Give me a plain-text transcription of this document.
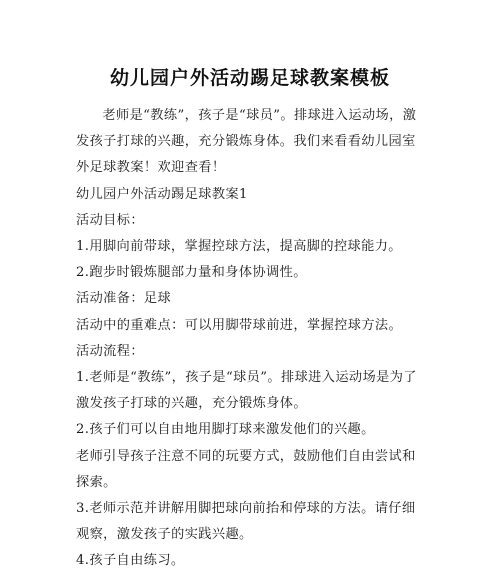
幼儿园户外活动踢足球教案模板

老师是“教练”，孩子是“球员”。排球进入运动场，激发孩子打球的兴趣，充分锻炼身体。我们来看看幼儿园室外足球教案！欢迎查看！

幼儿园户外活动踢足球教案1

活动目标：

1.用脚向前带球，掌握控球方法，提高脚的控球能力。

2.跑步时锻炼腿部力量和身体协调性。

活动准备：足球

活动中的重难点：可以用脚带球前进，掌握控球方法。

活动流程：

1.老师是“教练”，孩子是“球员”。排球进入运动场是为了激发孩子打球的兴趣，充分锻炼身体。

2.孩子们可以自由地用脚打球来激发他们的兴趣。

老师引导孩子注意不同的玩要方式，鼓励他们自由尝试和探索。

3.老师示范并讲解用脚把球向前抬和停球的方法。请仔细观察，激发孩子的实践兴趣。

4.孩子自由练习。
